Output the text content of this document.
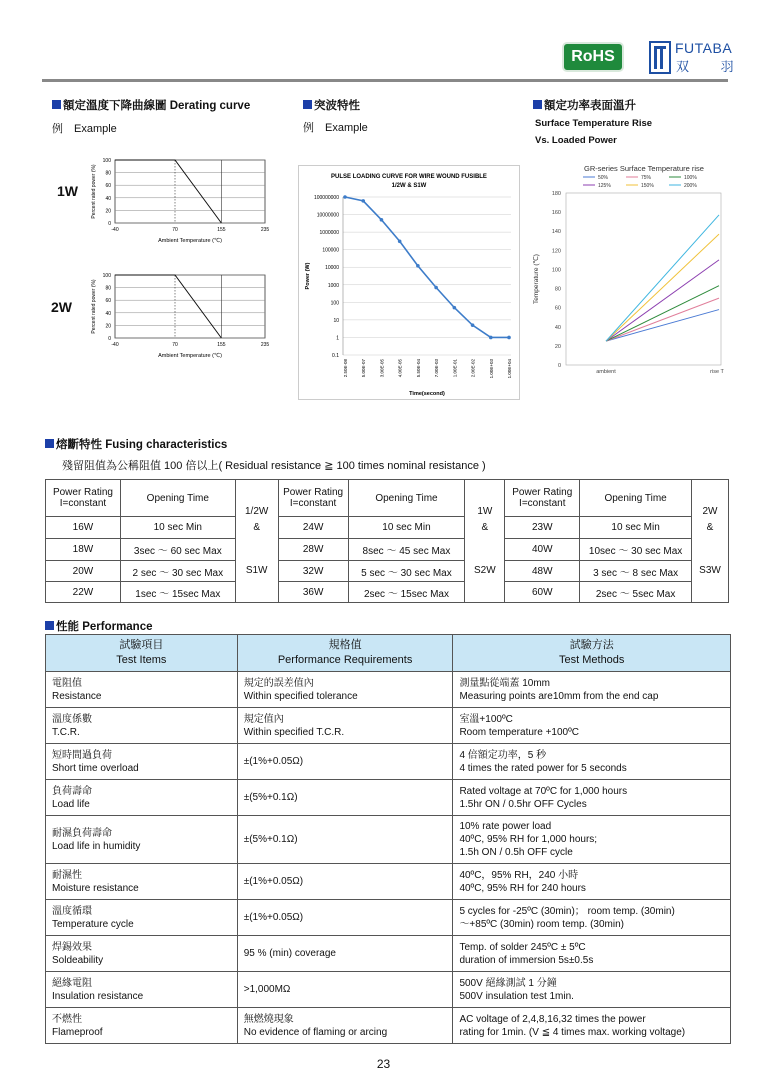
RoHS	FUTABA
双 羽
額定溫度下降曲線圖 Derating curve
例　Example
突波特性
例　Example
額定功率表面溫升
Surface Temperature Rise
Vs. Loaded Power
1W
2W
100
80
60
40
20
0
-40	70	155	235
Ambient Temperature (℃)
Percent rated power (%)
100
80
60
40
20
0
-40	70	155	235
Ambient Temperature (℃)
Percent rated power (%)
PULSE LOADING CURVE FOR WIRE WOUND FUSIBLE
1/2W & S1W
100000000
10000000
1000000
100000
10000
1000
100
10
1
0.1
2.50E-08	5.00E-07	3.00E-05	4.00E-05	5.50E-04	7.00E-03	1.00E-01	2.00E-02	1.00E+03	1.00E+04
Power (W)
Time(second)
GR-series Surface Temperature rise
50%	75%	100%
125%	150%	200%
180
160
140
120
100
80
60
40
20
0
ambient	rise T
Temperature (℃)
熔斷特性 Fusing characteristics
殘留阻值為公稱阻值 100 倍以上( Residual resistance ≧ 100 times nominal resistance )
Power Rating
I=constant	Opening Time	1/2W	Power Rating
I=constant	Opening Time	1W	Power Rating
I=constant	Opening Time	2W
16W	10 sec Min	&	24W	10 sec Min	&	23W	10 sec Min	&
18W	3sec ～ 60 sec Max	S1W	28W	8sec ～ 45 sec Max	S2W	40W	10sec ～ 30 sec Max	S3W
20W	2 sec ～ 30 sec Max		32W	5 sec ～ 30 sec Max		48W	3 sec ～ 8 sec Max	
22W	1sec ～ 15sec Max		36W	2sec ～ 15sec Max		60W	2sec ～ 5sec Max	
性能 Performance
試驗項目
Test Items	規格值
Performance Requirements	試驗方法
Test Methods
電阻值
Resistance	規定的誤差值內
Within specified tolerance	測量點從端蓋 10mm
Measuring points are10mm from the end cap
溫度係數
T.C.R.	規定值內
Within specified T.C.R.	室溫+100ºC
Room temperature +100ºC
短時間過負荷
Short time overload	±(1%+0.05Ω)	4 倍額定功率，5 秒
4 times the rated power for 5 seconds
負荷壽命
Load life	±(5%+0.1Ω)	Rated voltage at 70ºC for 1,000 hours
1.5hr ON / 0.5hr OFF Cycles
耐濕負荷壽命
Load life in humidity	±(5%+0.1Ω)	10% rate power load
40ºC, 95% RH for 1,000 hours;
1.5h ON / 0.5h OFF cycle
耐濕性
Moisture resistance	±(1%+0.05Ω)	40ºC，95% RH，240 小時
40ºC, 95% RH for 240 hours
溫度循環
Temperature cycle	±(1%+0.05Ω)	5 cycles for -25ºC (30min)； room temp. (30min)
～+85ºC (30min) room temp. (30min)
焊錫效果
Soldeability	95 % (min) coverage	Temp. of solder 245ºC ± 5ºC
duration of immersion 5s±0.5s
絕緣電阻
Insulation resistance	>1,000MΩ	500V 絕緣測試 1 分鐘
500V insulation test 1min.
不燃性
Flameproof	無燃燒現象
No evidence of flaming or arcing	AC voltage of 2,4,8,16,32 times the power
rating for 1min. (V ≦ 4 times max. working voltage)
23
